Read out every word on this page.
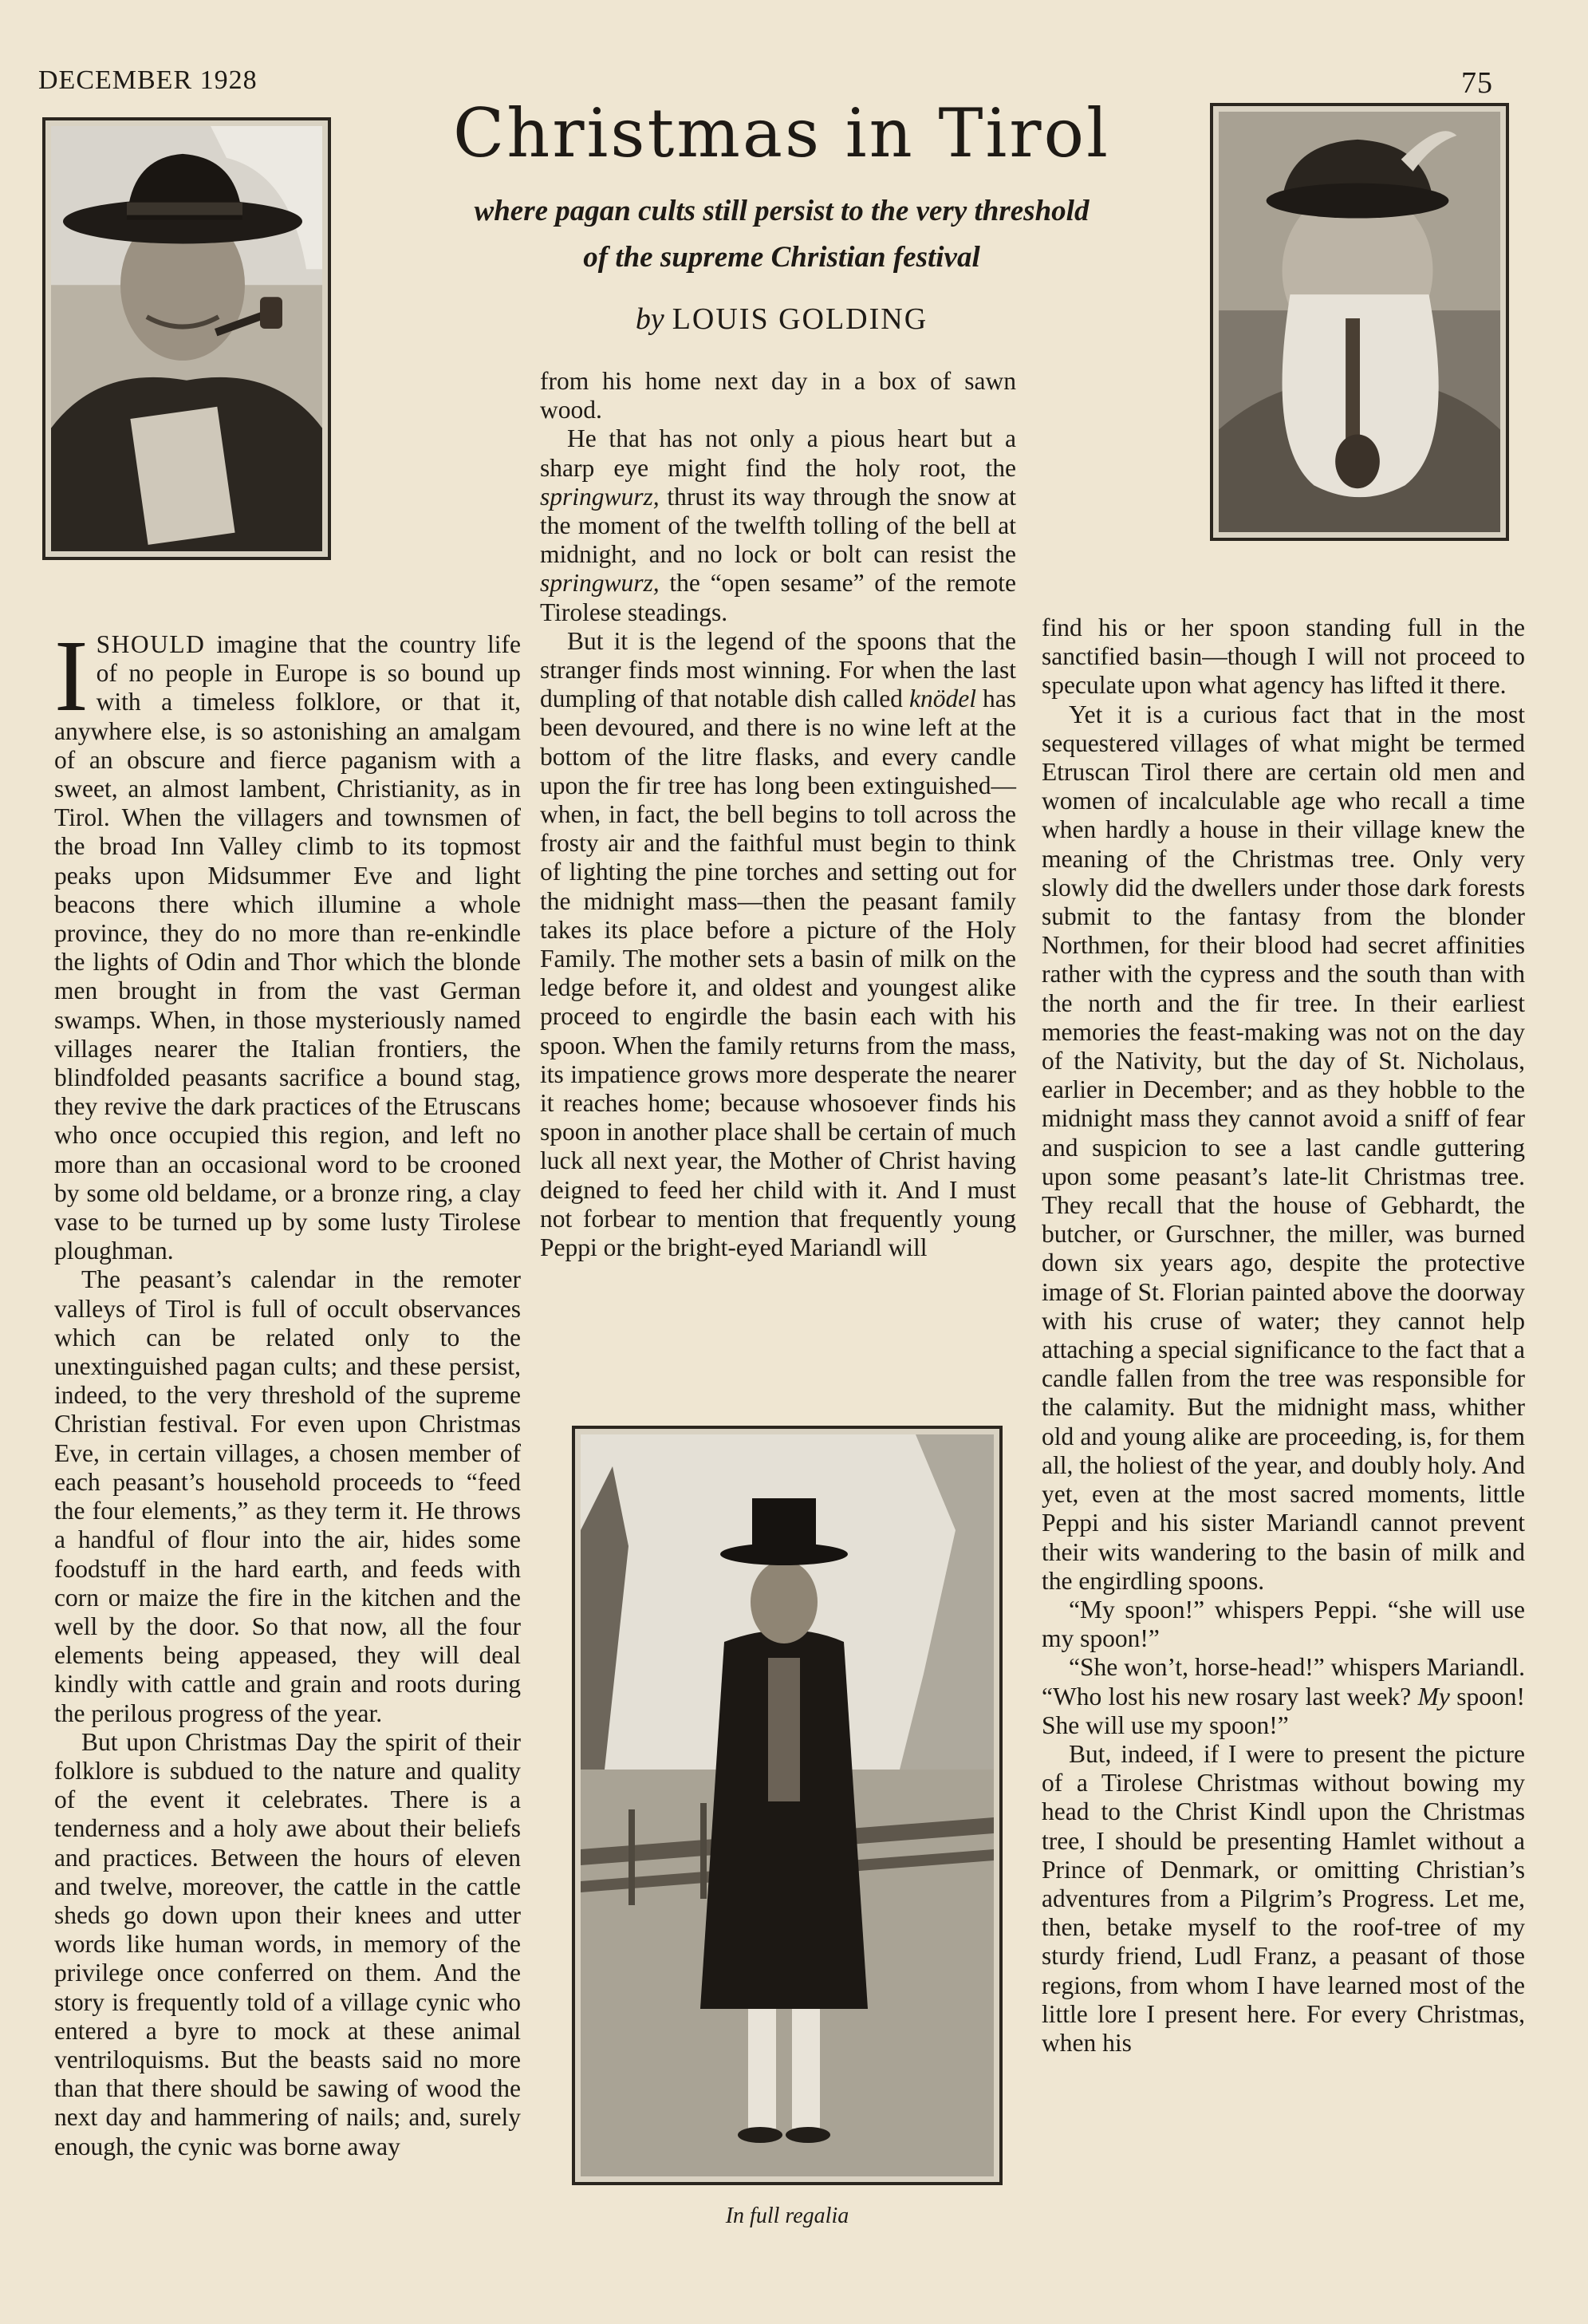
DECEMBER 1928	75
Christmas in Tirol
where pagan cults still persist to the very threshold
of the supreme Christian festival
by LOUIS GOLDING
In full regalia

ISHOULD imagine that the country life of no people in Europe is so bound up with a timeless folklore, or that it, anywhere else, is so astonishing an amalgam of an obscure and fierce paganism with a sweet, an almost lambent, Christianity, as in Tirol. When the villagers and townsmen of the broad Inn Valley climb to its topmost peaks upon Midsummer Eve and light beacons there which illumine a whole province, they do no more than re-enkindle the lights of Odin and Thor which the blonde men brought in from the vast German swamps. When, in those mysteriously named villages nearer the Italian frontiers, the blindfolded peasants sacrifice a bound stag, they revive the dark practices of the Etruscans who once occupied this region, and left no more than an occasional word to be crooned by some old beldame, or a bronze ring, a clay vase to be turned up by some lusty Tirolese ploughman.

The peasant’s calendar in the remoter valleys of Tirol is full of occult observances which can be related only to the unextinguished pagan cults; and these persist, indeed, to the very threshold of the supreme Christian festival. For even upon Christmas Eve, in certain villages, a chosen member of each peasant’s household proceeds to “feed the four elements,” as they term it. He throws a handful of flour into the air, hides some foodstuff in the hard earth, and feeds with corn or maize the fire in the kitchen and the well by the door. So that now, all the four elements being appeased, they will deal kindly with cattle and grain and roots during the perilous progress of the year.

But upon Christmas Day the spirit of their folklore is subdued to the nature and quality of the event it celebrates. There is a tenderness and a holy awe about their beliefs and practices. Between the hours of eleven and twelve, moreover, the cattle in the cattle sheds go down upon their knees and utter words like human words, in memory of the privilege once conferred on them. And the story is frequently told of a village cynic who entered a byre to mock at these animal ventriloquisms. But the beasts said no more than that there should be sawing of wood the next day and hammering of nails; and, surely enough, the cynic was borne away

from his home next day in a box of sawn wood.

He that has not only a pious heart but a sharp eye might find the holy root, the springwurz, thrust its way through the snow at the moment of the twelfth tolling of the bell at midnight, and no lock or bolt can resist the springwurz, the “open sesame” of the remote Tirolese steadings.

But it is the legend of the spoons that the stranger finds most winning. For when the last dumpling of that notable dish called knödel has been devoured, and there is no wine left at the bottom of the litre flasks, and every candle upon the fir tree has long been extinguished— when, in fact, the bell begins to toll across the frosty air and the faithful must begin to think of lighting the pine torches and setting out for the midnight mass—then the peasant family takes its place before a picture of the Holy Family. The mother sets a basin of milk on the ledge before it, and oldest and youngest alike proceed to engirdle the basin each with his spoon. When the family returns from the mass, its impatience grows more desperate the nearer it reaches home; because whosoever finds his spoon in another place shall be certain of much luck all next year, the Mother of Christ having deigned to feed her child with it. And I must not forbear to mention that frequently young Peppi or the bright-eyed Mariandl will

find his or her spoon standing full in the sanctified basin—though I will not proceed to speculate upon what agency has lifted it there.

Yet it is a curious fact that in the most sequestered villages of what might be termed Etruscan Tirol there are certain old men and women of incalculable age who recall a time when hardly a house in their village knew the meaning of the Christmas tree. Only very slowly did the dwellers under those dark forests submit to the fantasy from the blonder Northmen, for their blood had secret affinities rather with the cypress and the south than with the north and the fir tree. In their earliest memories the feast-making was not on the day of the Nativity, but the day of St. Nicholaus, earlier in December; and as they hobble to the midnight mass they cannot avoid a sniff of fear and suspicion to see a last candle guttering upon some peasant’s late-lit Christmas tree. They recall that the house of Gebhardt, the butcher, or Gurschner, the miller, was burned down six years ago, despite the protective image of St. Florian painted above the doorway with his cruse of water; they cannot help attaching a special significance to the fact that a candle fallen from the tree was responsible for the calamity. But the midnight mass, whither old and young alike are proceeding, is, for them all, the holiest of the year, and doubly holy. And yet, even at the most sacred moments, little Peppi and his sister Mariandl cannot prevent their wits wandering to the basin of milk and the engirdling spoons.

“My spoon!” whispers Peppi. “she will use my spoon!”

“She won’t, horse-head!” whispers Mariandl. “Who lost his new rosary last week? My spoon! She will use my spoon!”

But, indeed, if I were to present the picture of a Tirolese Christmas without bowing my head to the Christ Kindl upon the Christmas tree, I should be presenting Hamlet without a Prince of Denmark, or omitting Christian’s adventures from a Pilgrim’s Progress. Let me, then, betake myself to the roof-tree of my sturdy friend, Ludl Franz, a peasant of those regions, from whom I have learned most of the little lore I present here. For every Christmas, when his
